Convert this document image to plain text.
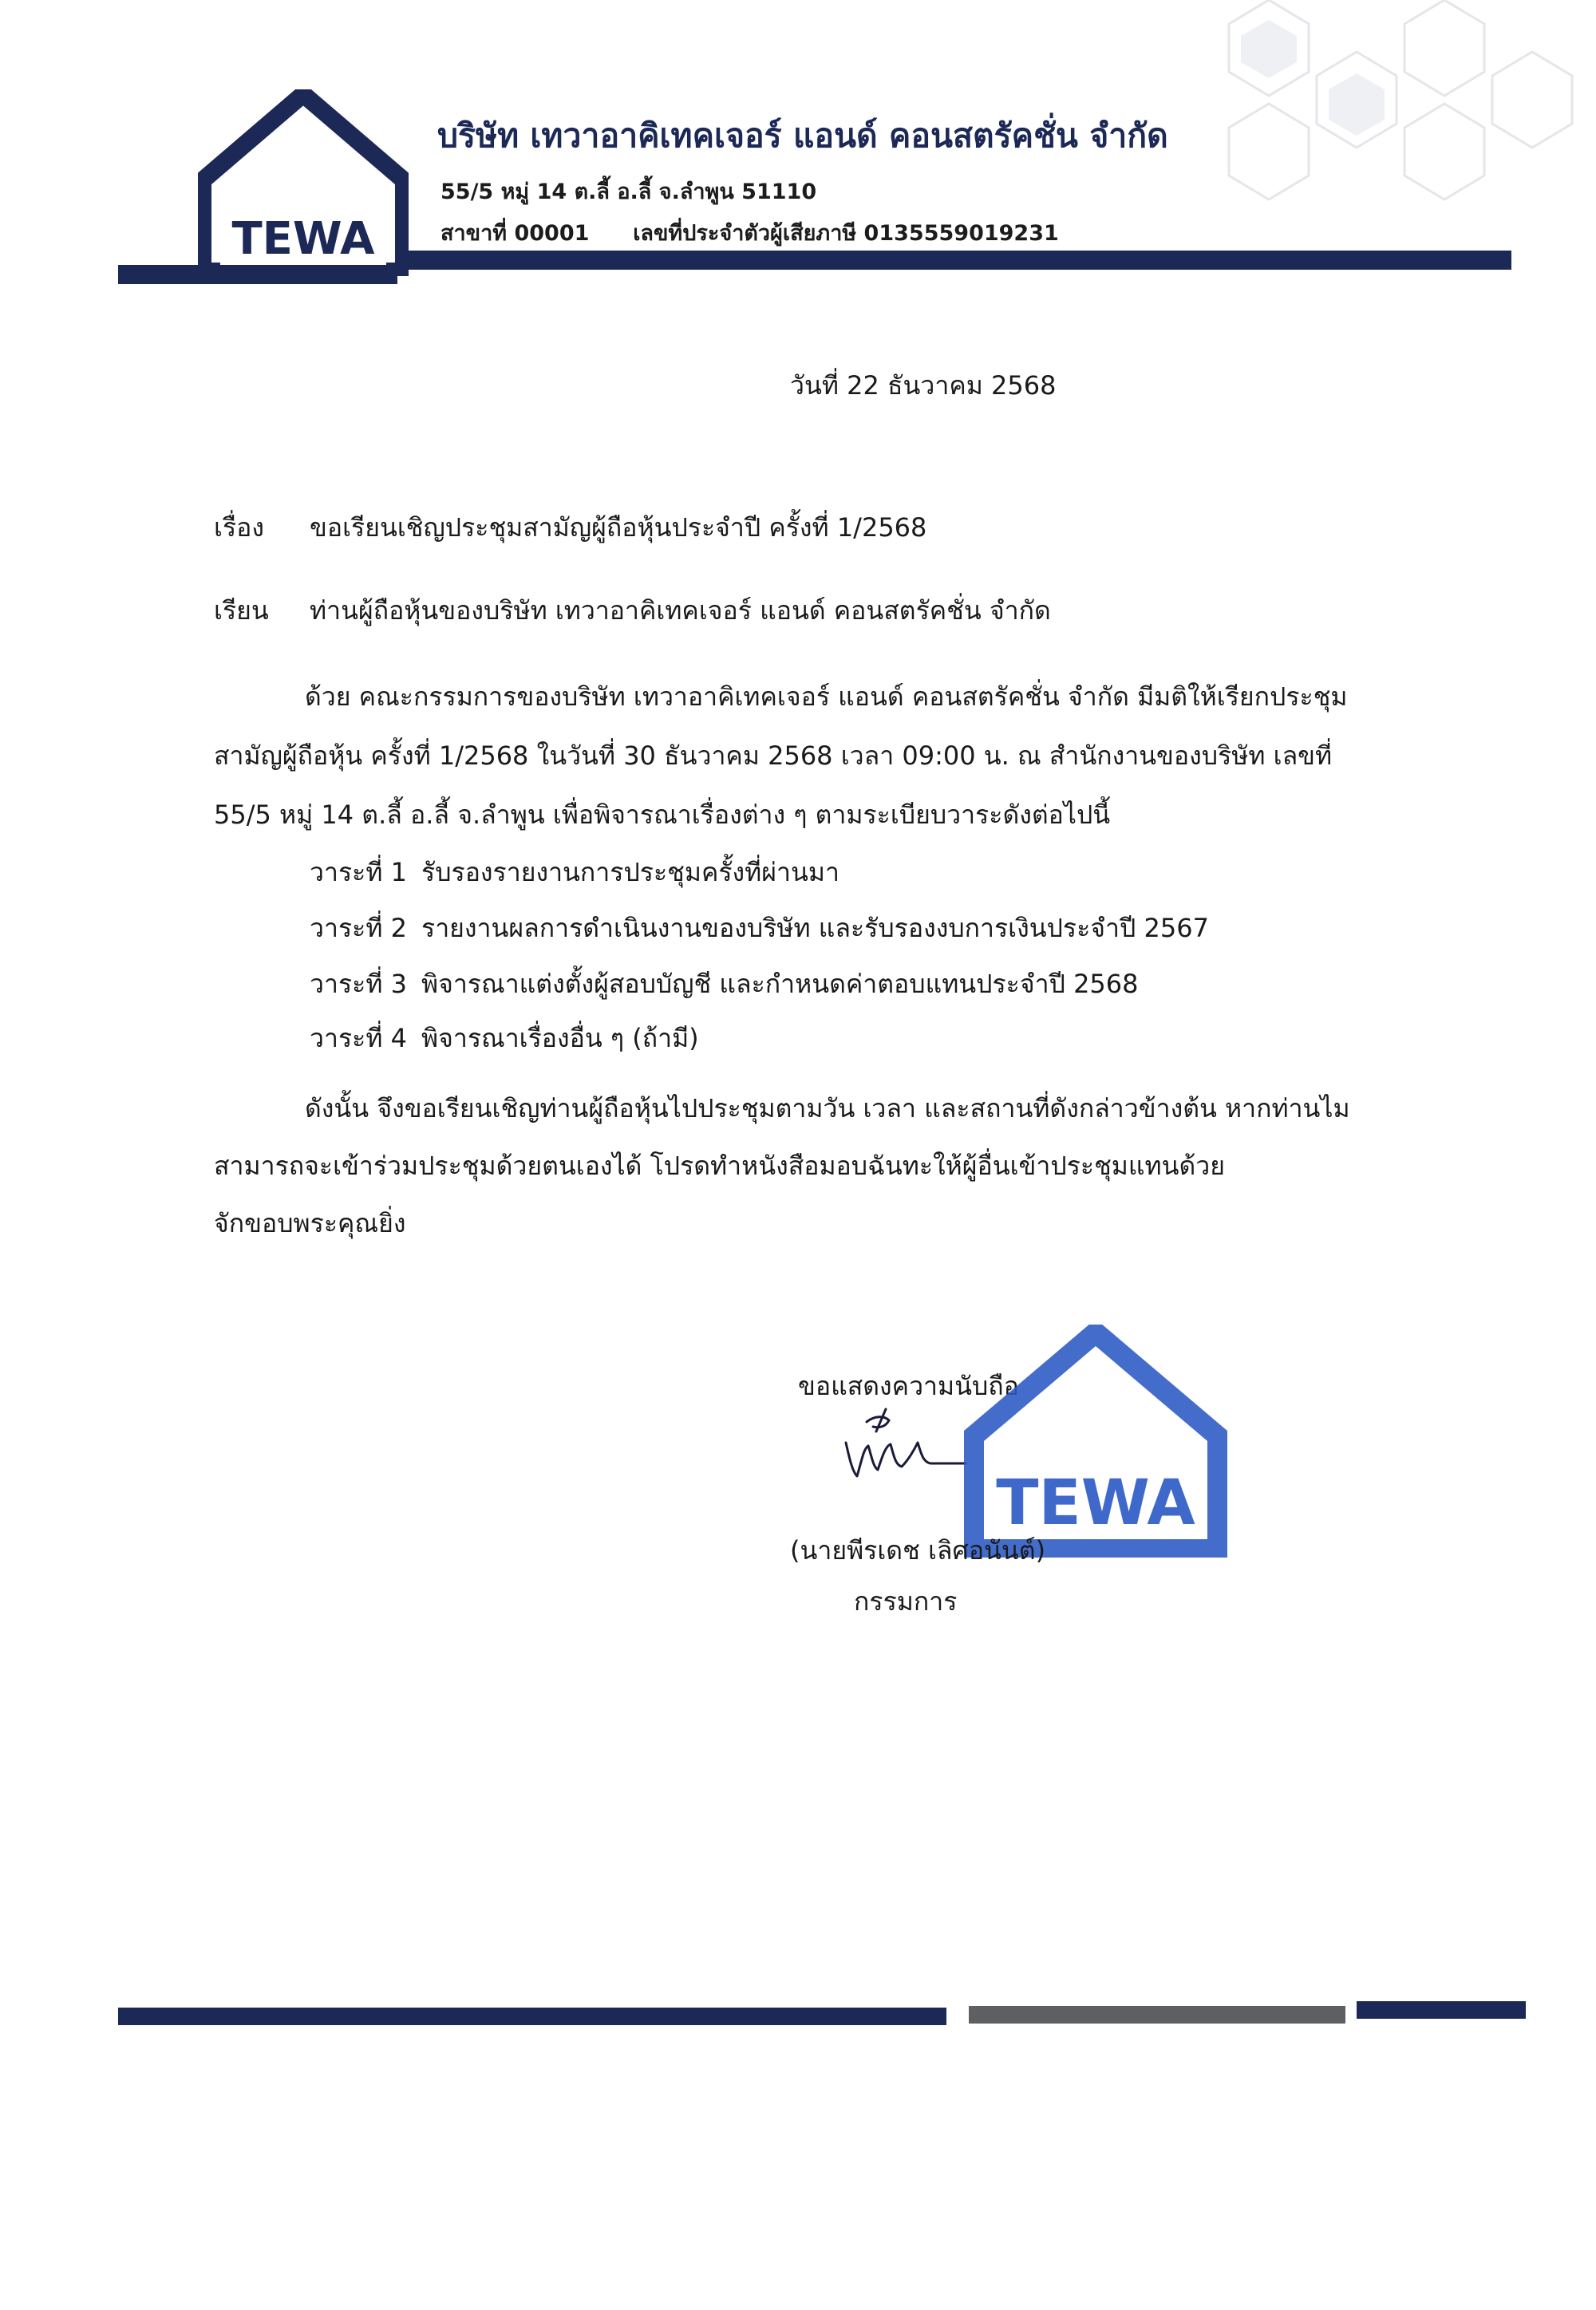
TEWA
บริษัท เทวาอาคิเทคเจอร์ แอนด์ คอนสตรัคชั่น จำกัด
55/5 หมู่ 14 ต.ลี้ อ.ลี้ จ.ลำพูน 51110
สาขาที่ 00001 เลขที่ประจำตัวผู้เสียภาษี 0135559019231
วันที่ 22 ธันวาคม 2568
เรื่อง ขอเรียนเชิญประชุมสามัญผู้ถือหุ้นประจำปี ครั้งที่ 1/2568
เรียน ท่านผู้ถือหุ้นของบริษัท เทวาอาคิเทคเจอร์ แอนด์ คอนสตรัคชั่น จำกัด
ด้วย คณะกรรมการของบริษัท เทวาอาคิเทคเจอร์ แอนด์ คอนสตรัคชั่น จำกัด มีมติให้เรียกประชุม
สามัญผู้ถือหุ้น ครั้งที่ 1/2568 ในวันที่ 30 ธันวาคม 2568 เวลา 09:00 น. ณ สำนักงานของบริษัท เลขที่
55/5 หมู่ 14 ต.ลี้ อ.ลี้ จ.ลำพูน เพื่อพิจารณาเรื่องต่าง ๆ ตามระเบียบวาระดังต่อไปนี้
วาระที่ 1 รับรองรายงานการประชุมครั้งที่ผ่านมา
วาระที่ 2 รายงานผลการดำเนินงานของบริษัท และรับรองงบการเงินประจำปี 2567
วาระที่ 3 พิจารณาแต่งตั้งผู้สอบบัญชี และกำหนดค่าตอบแทนประจำปี 2568
วาระที่ 4 พิจารณาเรื่องอื่น ๆ (ถ้ามี)
ดังนั้น จึงขอเรียนเชิญท่านผู้ถือหุ้นไปประชุมตามวัน เวลา และสถานที่ดังกล่าวข้างต้น หากท่านไม
สามารถจะเข้าร่วมประชุมด้วยตนเองได้ โปรดทำหนังสือมอบฉันทะให้ผู้อื่นเข้าประชุมแทนด้วย
จักขอบพระคุณยิ่ง
ขอแสดงความนับถือ
TEWA
(นายพีรเดช เลิศอนันต์)
กรรมการ
